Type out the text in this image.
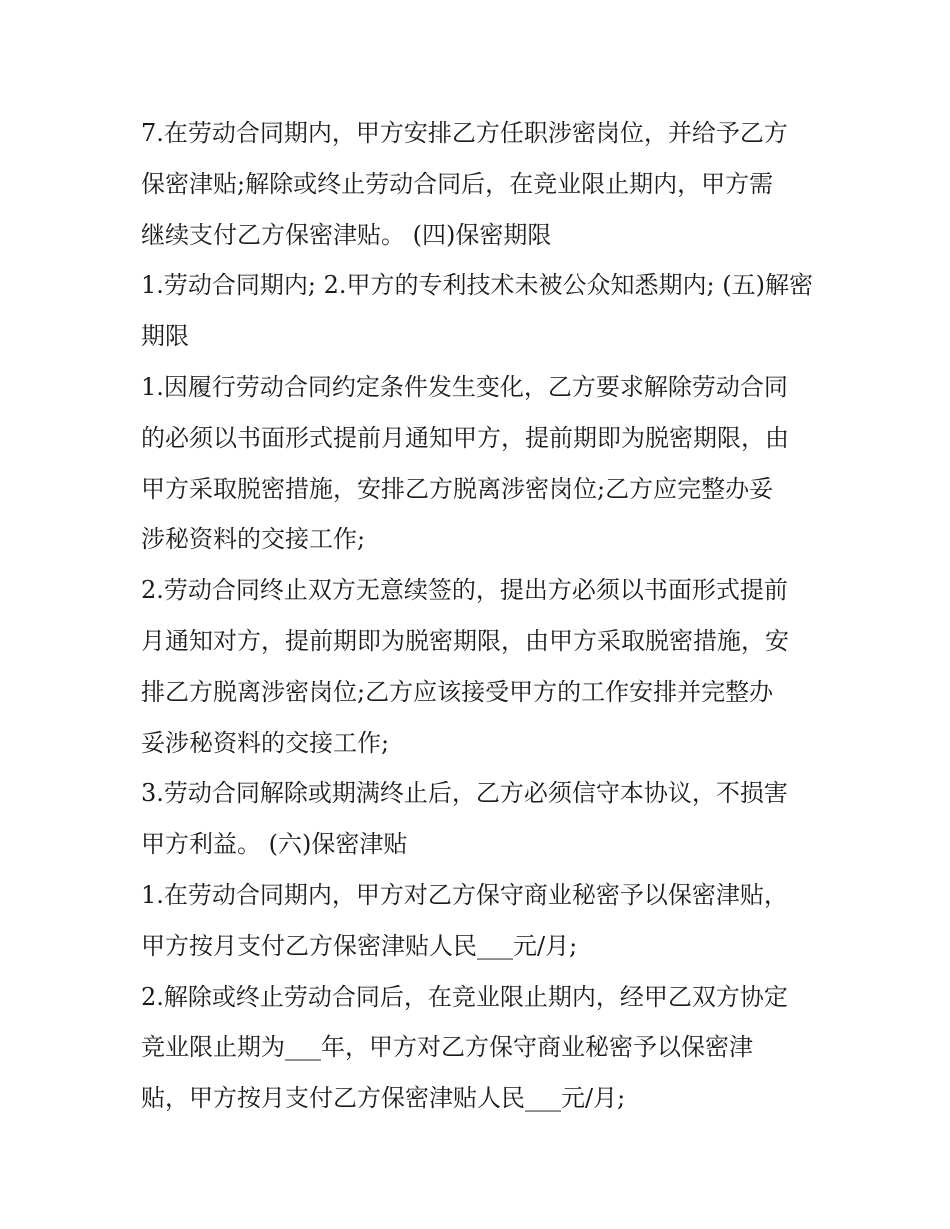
7.在劳动合同期内，甲方安排乙方任职涉密岗位，并给予乙方
保密津贴;解除或终止劳动合同后，在竞业限止期内，甲方需
继续支付乙方保密津贴。 (四)保密期限
1.劳动合同期内; 2.甲方的专利技术未被公众知悉期内; (五)解密
期限
1.因履行劳动合同约定条件发生变化，乙方要求解除劳动合同
的必须以书面形式提前月通知甲方，提前期即为脱密期限，由
甲方采取脱密措施，安排乙方脱离涉密岗位;乙方应完整办妥
涉秘资料的交接工作;
2.劳动合同终止双方无意续签的，提出方必须以书面形式提前
月通知对方，提前期即为脱密期限，由甲方采取脱密措施，安
排乙方脱离涉密岗位;乙方应该接受甲方的工作安排并完整办
妥涉秘资料的交接工作;
3.劳动合同解除或期满终止后，乙方必须信守本协议，不损害
甲方利益。 (六)保密津贴
1.在劳动合同期内，甲方对乙方保守商业秘密予以保密津贴，
甲方按月支付乙方保密津贴人民___元/月;
2.解除或终止劳动合同后，在竞业限止期内，经甲乙双方协定
竞业限止期为___年，甲方对乙方保守商业秘密予以保密津
贴，甲方按月支付乙方保密津贴人民___元/月;
